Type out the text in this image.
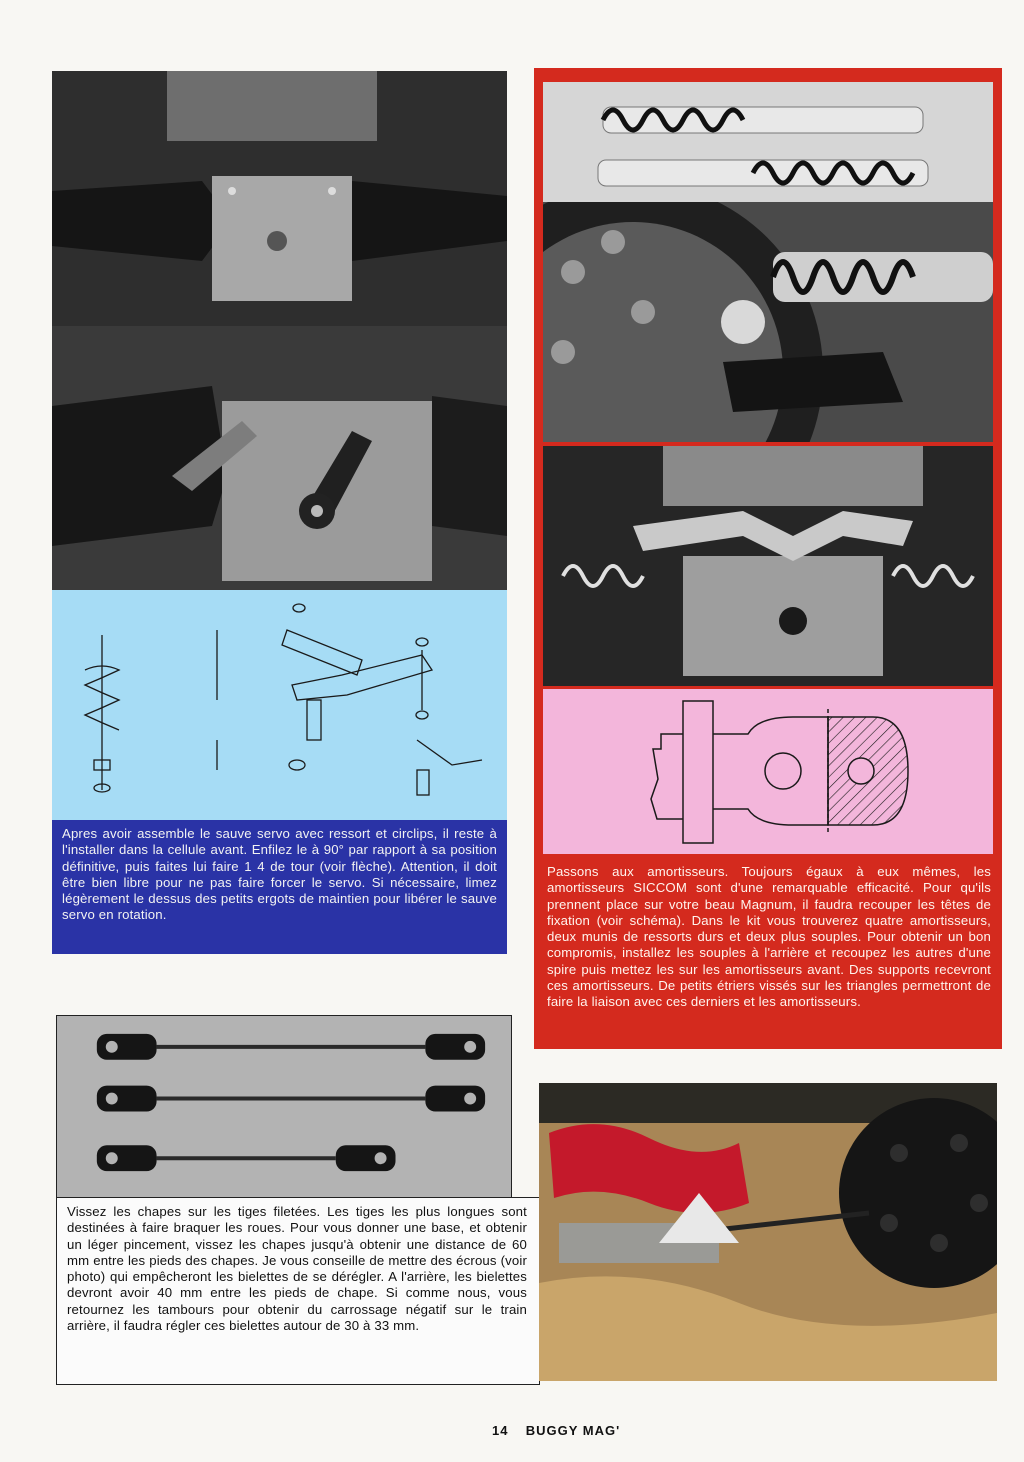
Apres avoir assemble le sauve servo avec ressort et circlips, il reste à l'installer dans la cellule avant. Enfilez le à 90° par rapport à sa position définitive, puis faites lui faire 1 4 de tour (voir flèche). Attention, il doit être bien libre pour ne pas faire forcer le servo. Si nécessaire, limez légèrement le dessus des petits ergots de maintien pour libérer le sauve servo en rotation.
Vissez les chapes sur les tiges filetées. Les tiges les plus longues sont destinées à faire braquer les roues. Pour vous donner une base, et obtenir un léger pincement, vissez les chapes jusqu'à obtenir une distance de 60 mm entre les pieds des chapes. Je vous conseille de mettre des écrous (voir photo) qui empêcheront les bielettes de se dérégler. A l'arrière, les bielettes devront avoir 40 mm entre les pieds de chape. Si comme nous, vous retournez les tambours pour obtenir du carrossage négatif sur le train arrière, il faudra régler ces bielettes autour de 30 à 33 mm.
Passons aux amortisseurs. Toujours égaux à eux mêmes, les amortisseurs SICCOM sont d'une remarquable efficacité. Pour qu'ils prennent place sur votre beau Magnum, il faudra recouper les têtes de fixation (voir schéma). Dans le kit vous trouverez quatre amortisseurs, deux munis de ressorts durs et deux plus souples. Pour obtenir un bon compromis, installez les souples à l'arrière et recoupez les autres d'une spire puis mettez les sur les amortisseurs avant. Des supports recevront ces amortisseurs. De petits étriers vissés sur les triangles permettront de faire la liaison avec ces derniers et les amortisseurs.
14 BUGGY MAG'
